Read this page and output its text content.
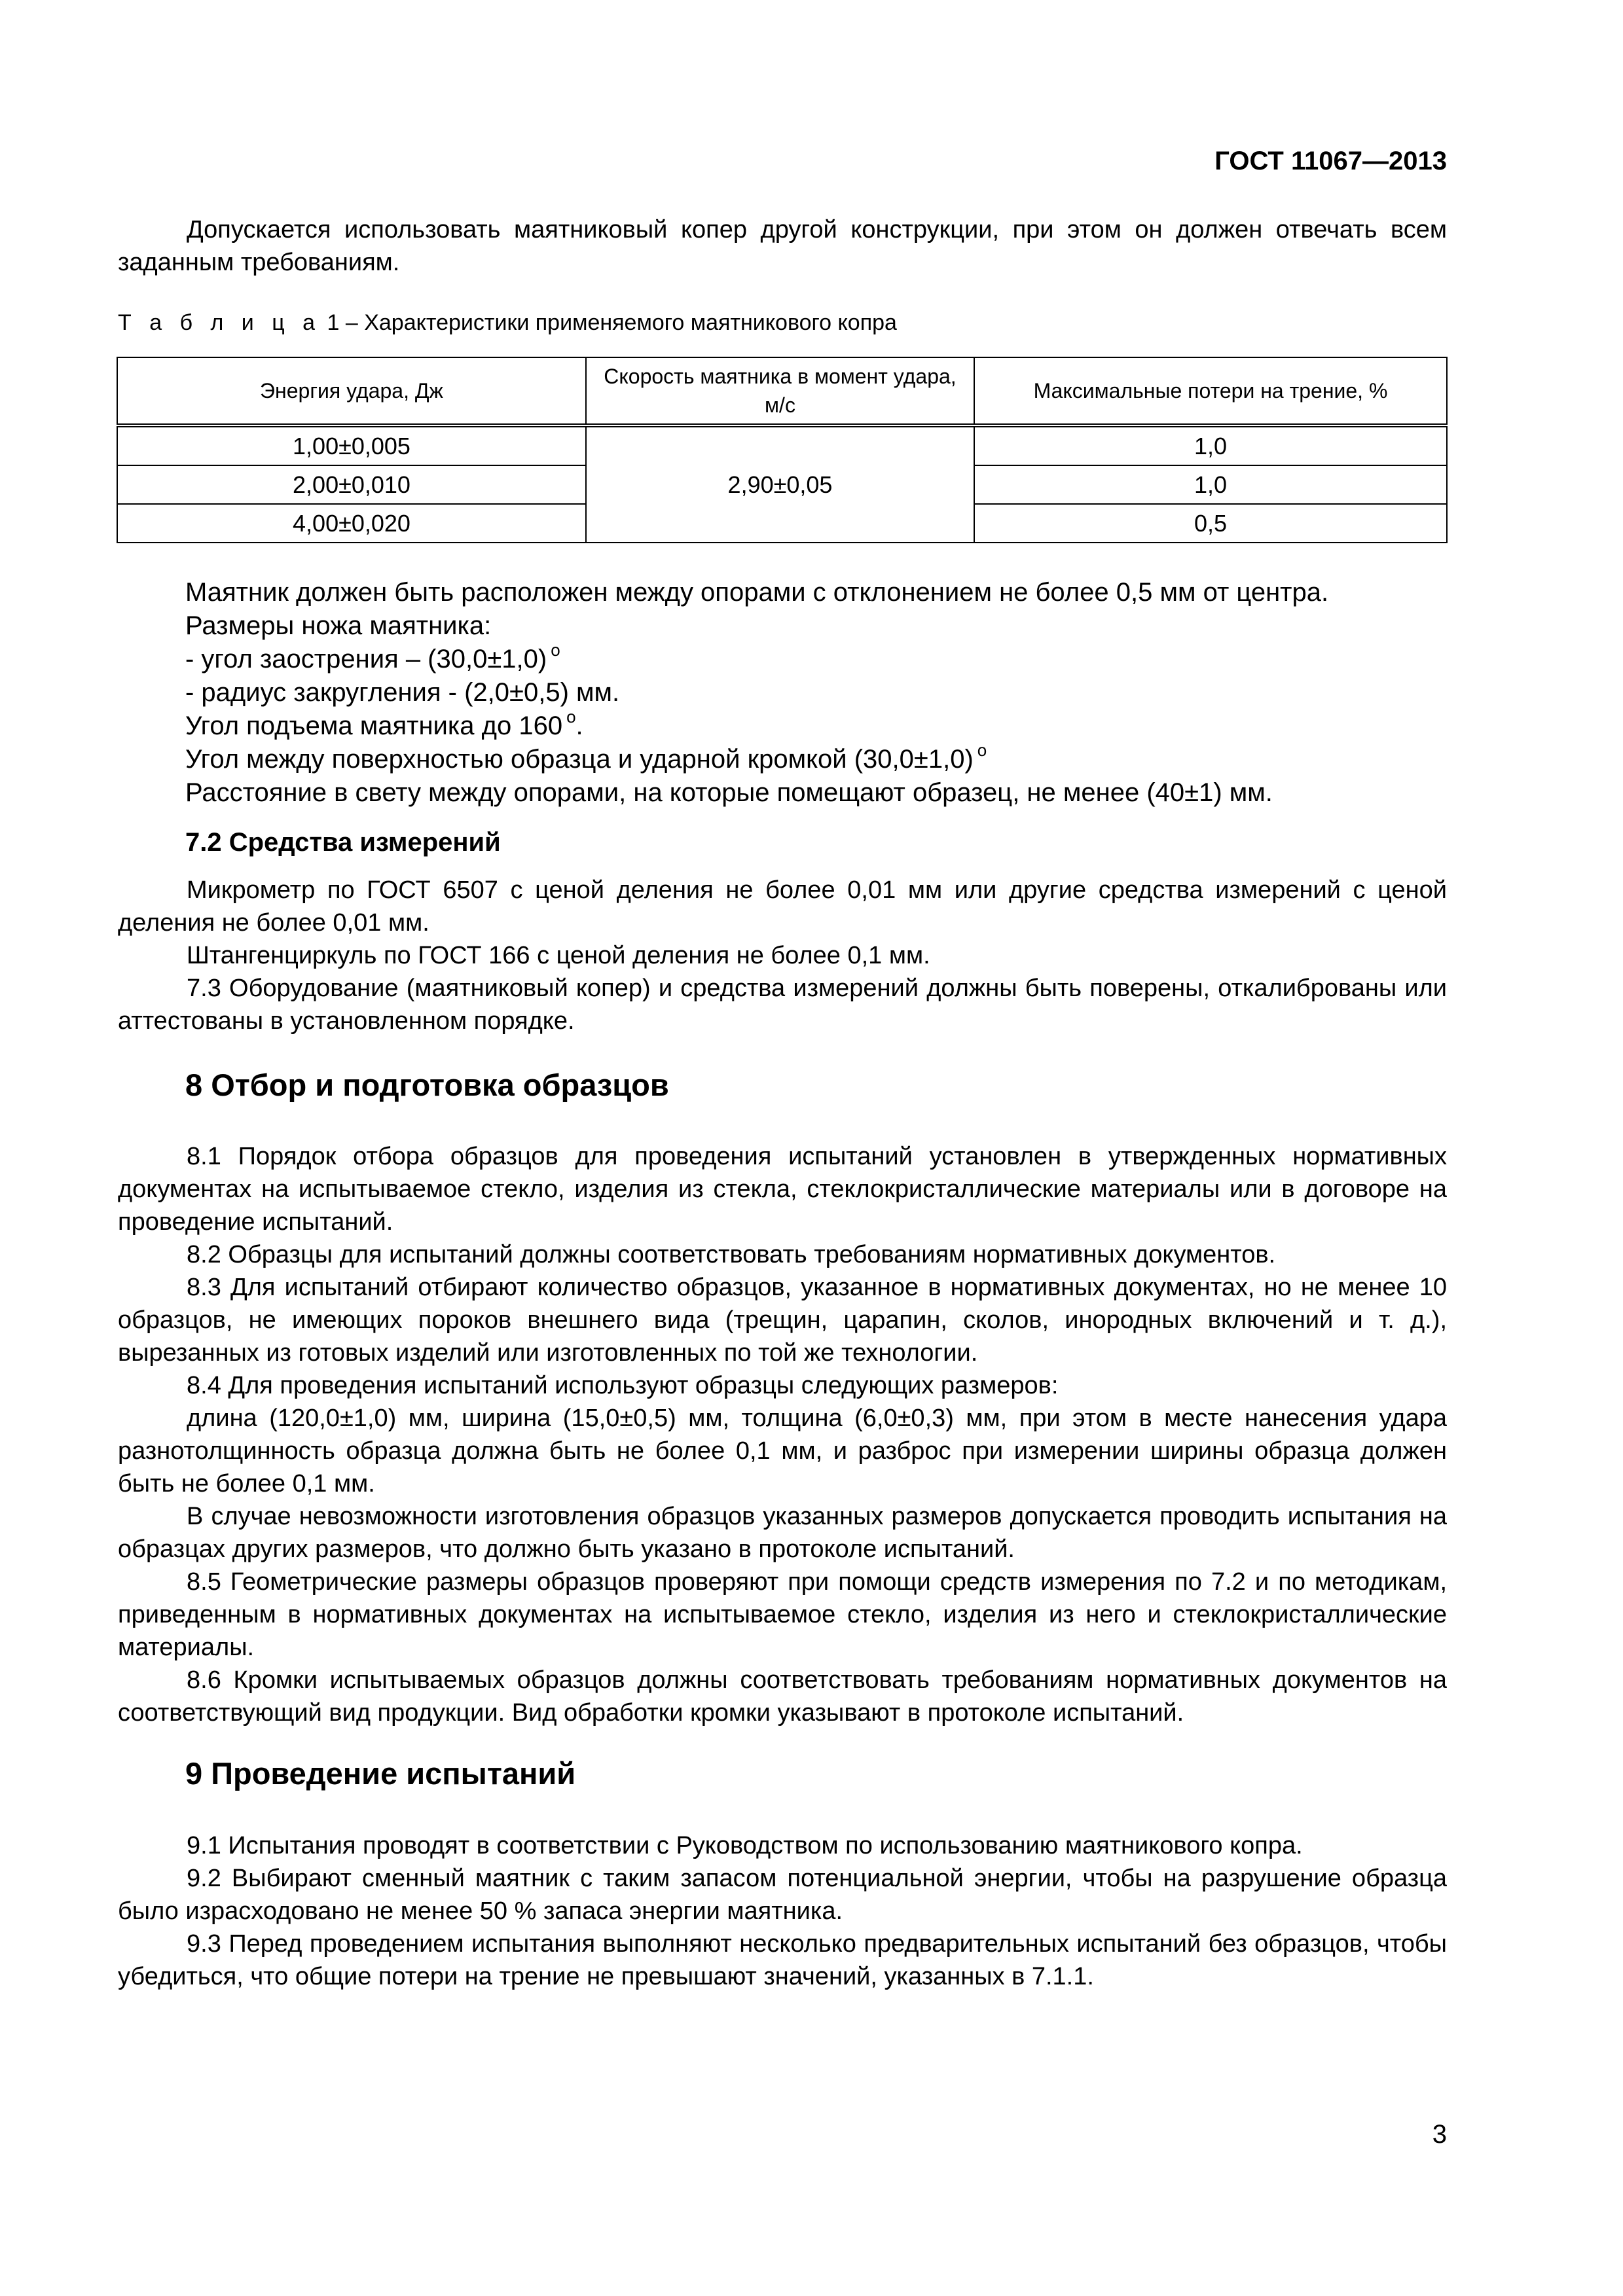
ГОСТ 11067—2013

Допускается использовать маятниковый копер другой конструкции, при этом он должен отвечать всем заданным требованиям.

Т а б л и ц а 1 – Характеристики применяемого маятникового копра
Энергия удара, Дж	Скорость маятника в момент удара, м/с	Максимальные потери на трение, %
1,00±0,005	2,90±0,05	1,0
2,00±0,010		1,0
4,00±0,020		0,5
Маятник должен быть расположен между опорами с отклонением не более 0,5 мм от центра.
Размеры ножа маятника:
- угол заострения – (30,0±1,0) $^о$
- радиус закругления - (2,0±0,5) мм.
Угол подъема маятника до 160 $^о$.
Угол между поверхностью образца и ударной кромкой (30,0±1,0) $^о$
Расстояние в свету между опорами, на которые помещают образец, не менее (40±1) мм.
7.2 Средства измерений

Микрометр по ГОСТ 6507 с ценой деления не более 0,01 мм или другие средства измерений с ценой деления не более 0,01 мм.

Штангенциркуль по ГОСТ 166 с ценой деления не более 0,1 мм.

7.3 Оборудование (маятниковый копер) и средства измерений должны быть поверены, откалиброваны или аттестованы в установленном порядке.

8 Отбор и подготовка образцов

8.1 Порядок отбора образцов для проведения испытаний установлен в утвержденных нормативных документах на испытываемое стекло, изделия из стекла, стеклокристаллические материалы или в договоре на проведение испытаний.

8.2 Образцы для испытаний должны соответствовать требованиям нормативных документов.

8.3 Для испытаний отбирают количество образцов, указанное в нормативных документах, но не менее 10 образцов, не имеющих пороков внешнего вида (трещин, царапин, сколов, инородных включений и т. д.), вырезанных из готовых изделий или изготовленных по той же технологии.

8.4 Для проведения испытаний используют образцы следующих размеров:

длина (120,0±1,0) мм, ширина (15,0±0,5) мм, толщина (6,0±0,3) мм, при этом в месте нанесения удара разнотолщинность образца должна быть не более 0,1 мм, и разброс при измерении ширины образца должен быть не более 0,1 мм.

В случае невозможности изготовления образцов указанных размеров допускается проводить испытания на образцах других размеров, что должно быть указано в протоколе испытаний.

8.5 Геометрические размеры образцов проверяют при помощи средств измерения по 7.2 и по методикам, приведенным в нормативных документах на испытываемое стекло, изделия из него и стеклокристаллические материалы.

8.6 Кромки испытываемых образцов должны соответствовать требованиям нормативных документов на соответствующий вид продукции. Вид обработки кромки указывают в протоколе испытаний.

9 Проведение испытаний

9.1 Испытания проводят в соответствии с Руководством по использованию маятникового копра.

9.2 Выбирают сменный маятник с таким запасом потенциальной энергии, чтобы на разрушение образца было израсходовано не менее 50 % запаса энергии маятника.

9.3 Перед проведением испытания выполняют несколько предварительных испытаний без образцов, чтобы убедиться, что общие потери на трение не превышают значений, указанных в 7.1.1.

3
